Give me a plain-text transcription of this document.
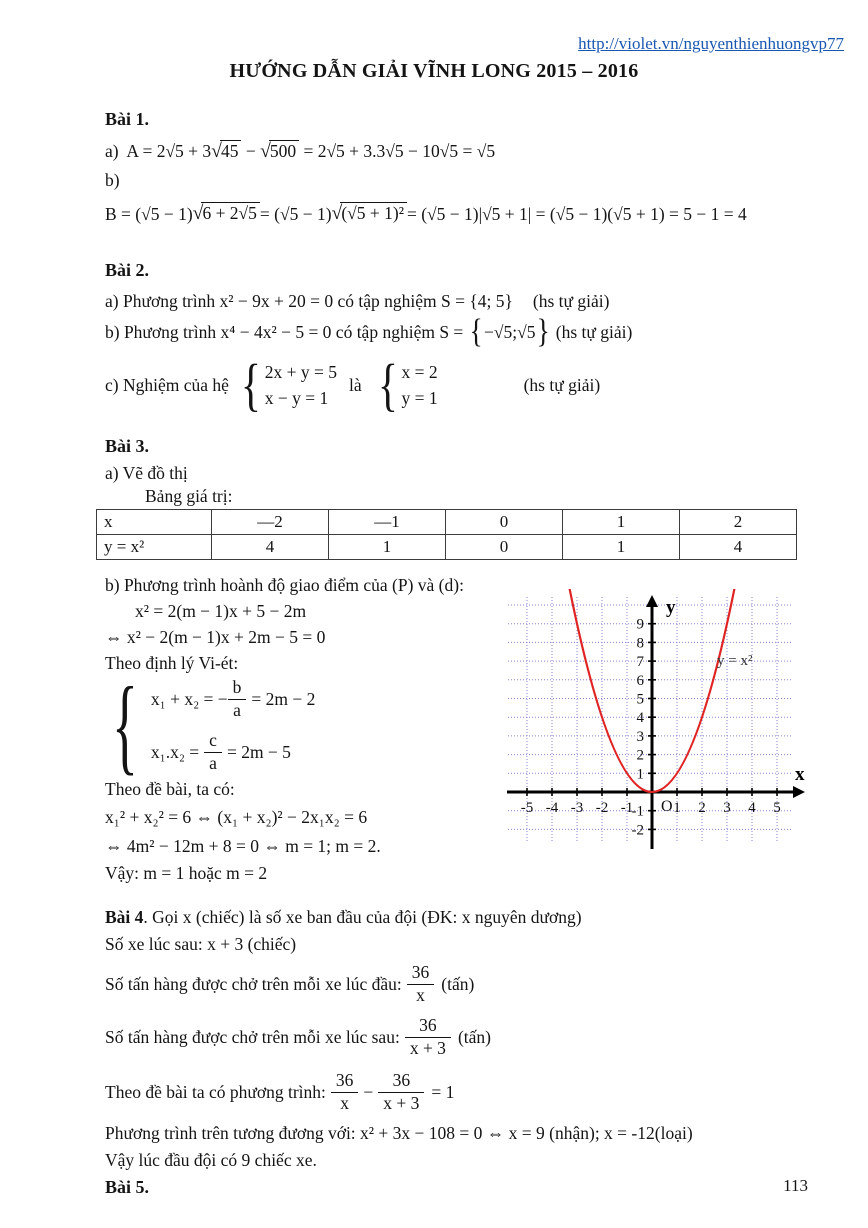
http://violet.vn/nguyenthienhuongvp77
HƯỚNG DẪN GIẢI VĨNH LONG 2015 – 2016
Bài 1.
a) A = 2√5 + 3√45 − √500 = 2√5 + 3.3√5 − 10√5 = √5
b)
B = (√5 − 1) √6 + 2√5 = (√5 − 1) √(√5 + 1)² = (√5 − 1)|√5 + 1| = (√5 − 1)(√5 + 1) = 5 − 1 = 4
Bài 2.
a) Phương trình x² − 9x + 20 = 0 có tập nghiệm S = {4; 5} (hs tự giải)
b) Phương trình x⁴ − 4x² − 5 = 0 có tập nghiệm S =
{ −√5;√5 } (hs tự giải)
c) Nghiệm của hệ { 2x + y = 5
x − y = 1
là { x = 2
y = 1
(hs tự giải)
Bài 3.
a) Vẽ đồ thị
Bảng giá trị:
x	—2	—1	0	1	2
y = x²	4	1	0	1	4
b) Phương trình hoành độ giao điểm của (P) và (d):
x² = 2(m − 1)x + 5 − 2m
⇔ x² − 2(m − 1)x + 2m − 5 = 0
Theo định lý Vi-ét:
{ x₁ + x₂ = − $\frac{b}{a} = 2m - 2$
$x_1.x_2 = \frac{c}{a} = 2m - 5$
Theo đề bài, ta có:
x₁² + x₂² = 6 ⇔ (x₁ + x₂)² − 2x₁x₂ = 6
⇔ 4m² − 12m + 8 = 0 ⇔ m = 1; m = 2.
Vậy: m = 1 hoặc m = 2
Bài 4. Gọi x (chiếc) là số xe ban đầu của đội (ĐK: x nguyên dương)
Số xe lúc sau: x + 3 (chiếc)
Số tấn hàng được chở trên mỗi xe lúc đầu: $\frac{36}{x}$ (tấn)
Số tấn hàng được chở trên mỗi xe lúc sau: $\frac{36}{x + 3}$ (tấn)
Theo đề bài ta có phương trình: $\frac{36}{x} - \frac{36}{x + 3} = 1$
Phương trình trên tương đương với: x² + 3x − 108 = 0 ⇔ x = 9 (nhận); x = -12(loại)
Vậy lúc đầu đội có 9 chiếc xe.
Bài 5.
-5 -4 -3 -2 -1	1 2 3 4 5
1
2
3
4
5
6
7
8
9
-1
-2
y
x
O
y = x²
113
